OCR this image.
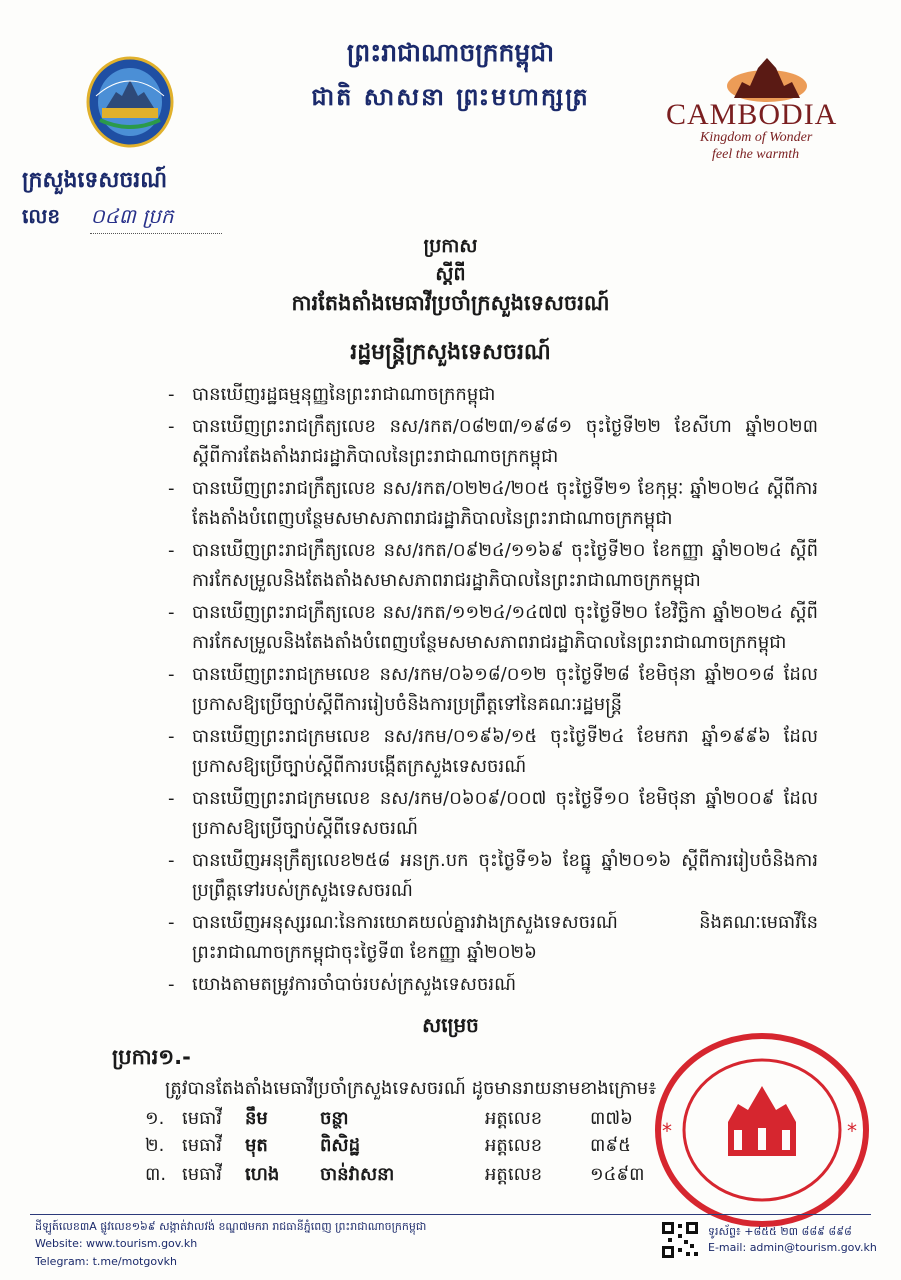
ព្រះរាជាណាចក្រកម្ពុជា
ជាតិ សាសនា ព្រះមហាក្សត្រ
ក្រសួងទេសចរណ៍
លេខ ០៤៣ ប្រក
CAMBODIA
Kingdom of Wonder
feel the warmth
ប្រកាស
ស្តីពី
ការតែងតាំងមេធាវីប្រចាំក្រសួងទេសចរណ៍
រដ្ឋមន្ត្រីក្រសួងទេសចរណ៍
- បានឃើញរដ្ឋធម្មនុញ្ញនៃព្រះរាជាណាចក្រកម្ពុជា
- បានឃើញព្រះរាជក្រឹត្យលេខ នស/រកត/០៨២៣/១៩៨១ ចុះថ្ងៃទី២២ ខែសីហា ឆ្នាំ២០២៣ ស្តីពីការតែងតាំងរាជរដ្ឋាភិបាលនៃព្រះរាជាណាចក្រកម្ពុជា
- បានឃើញព្រះរាជក្រឹត្យលេខ នស/រកត/០២២៤/២០៥ ចុះថ្ងៃទី២១ ខែកុម្ភៈ ឆ្នាំ២០២៤ ស្តីពីការតែងតាំងបំពេញបន្ថែមសមាសភាពរាជរដ្ឋាភិបាលនៃព្រះរាជាណាចក្រកម្ពុជា
- បានឃើញព្រះរាជក្រឹត្យលេខ នស/រកត/០៩២៤/១១៦៩ ចុះថ្ងៃទី២០ ខែកញ្ញា ឆ្នាំ២០២៤ ស្តីពីការកែសម្រួលនិងតែងតាំងសមាសភាពរាជរដ្ឋាភិបាលនៃព្រះរាជាណាចក្រកម្ពុជា
- បានឃើញព្រះរាជក្រឹត្យលេខ នស/រកត/១១២៤/១៤៧៧ ចុះថ្ងៃទី២០ ខែវិច្ឆិកា ឆ្នាំ២០២៤ ស្តីពីការកែសម្រួលនិងតែងតាំងបំពេញបន្ថែមសមាសភាពរាជរដ្ឋាភិបាលនៃព្រះរាជាណាចក្រកម្ពុជា
- បានឃើញព្រះរាជក្រមលេខ នស/រកម/០៦១៨/០១២ ចុះថ្ងៃទី២៨ ខែមិថុនា ឆ្នាំ២០១៨ ដែលប្រកាសឱ្យប្រើច្បាប់ស្តីពីការរៀបចំនិងការប្រព្រឹត្តទៅនៃគណៈរដ្ឋមន្ត្រី
- បានឃើញព្រះរាជក្រមលេខ នស/រកម/០១៩៦/១៥ ចុះថ្ងៃទី២៤ ខែមករា ឆ្នាំ១៩៩៦ ដែលប្រកាសឱ្យប្រើច្បាប់ស្តីពីការបង្កើតក្រសួងទេសចរណ៍
- បានឃើញព្រះរាជក្រមលេខ នស/រកម/០៦០៩/០០៧ ចុះថ្ងៃទី១០ ខែមិថុនា ឆ្នាំ២០០៩ ដែលប្រកាសឱ្យប្រើច្បាប់ស្តីពីទេសចរណ៍
- បានឃើញអនុក្រឹត្យលេខ២៥៨ អនក្រ.បក ចុះថ្ងៃទី១៦ ខែធ្នូ ឆ្នាំ២០១៦ ស្តីពីការរៀបចំនិងការប្រព្រឹត្តទៅរបស់ក្រសួងទេសចរណ៍
- បានឃើញអនុស្សរណៈនៃការយោគយល់គ្នារវាងក្រសួងទេសចរណ៍ និងគណៈមេធាវីនៃព្រះរាជាណាចក្រកម្ពុជាចុះថ្ងៃទី៣ ខែកញ្ញា ឆ្នាំ២០២៦
- យោងតាមតម្រូវការចាំបាច់របស់ក្រសួងទេសចរណ៍
សម្រេច
ប្រការ១.-
ត្រូវបានតែងតាំងមេធាវីប្រចាំក្រសួងទេសចរណ៍ ដូចមានរាយនាមខាងក្រោម៖
១. មេធាវី នឹម	ចន្ថា	អត្តលេខ	៣៧៦
២. មេធាវី មុត	ពិសិដ្ឋ	អត្តលេខ	៣៩៥
៣. មេធាវី ហេង ចាន់វាសនា	អត្តលេខ	១៤៩៣
*	*
ដីឡូត៍លេខ៣A ផ្លូវលេខ១៦៩ សង្កាត់វាលវង់ ខណ្ឌ៧មករា រាជធានីភ្នំពេញ ព្រះរាជាណាចក្រកម្ពុជា
Website: www.tourism.gov.kh
Telegram: t.me/motgovkh
ទូរស័ព្ទ៖ +៨៥៥ ២៣ ៨៨៩ ៨៩៨
E-mail: admin@tourism.gov.kh
